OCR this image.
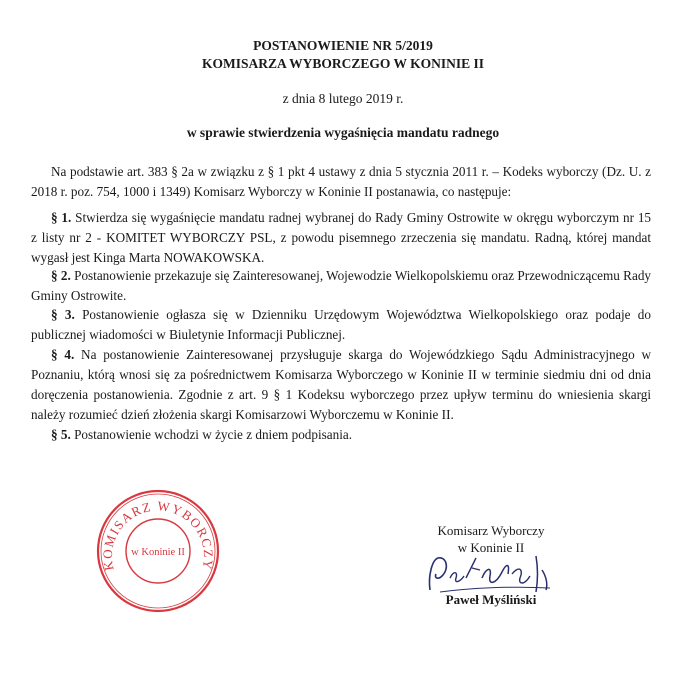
POSTANOWIENIE NR 5/2019
KOMISARZA WYBORCZEGO W KONINIE II
z dnia 8 lutego 2019 r.
w sprawie stwierdzenia wygaśnięcia mandatu radnego
Na podstawie art. 383 § 2a w związku z § 1 pkt 4 ustawy z dnia 5 stycznia 2011 r. – Kodeks wyborczy (Dz. U. z 2018 r. poz. 754, 1000 i 1349) Komisarz Wyborczy w Koninie II postanawia, co następuje:
§ 1. Stwierdza się wygaśnięcie mandatu radnej wybranej do Rady Gminy Ostrowite w okręgu wyborczym nr 15 z listy nr 2 - KOMITET WYBORCZY PSL, z powodu pisemnego zrzeczenia się mandatu. Radną, której mandat wygasł jest Kinga Marta NOWAKOWSKA.
§ 2. Postanowienie przekazuje się Zainteresowanej, Wojewodzie Wielkopolskiemu oraz Przewodniczącemu Rady Gminy Ostrowite.
§ 3. Postanowienie ogłasza się w Dzienniku Urzędowym Województwa Wielkopolskiego oraz podaje do publicznej wiadomości w Biuletynie Informacji Publicznej.
§ 4. Na postanowienie Zainteresowanej przysługuje skarga do Wojewódzkiego Sądu Administracyjnego w Poznaniu, którą wnosi się za pośrednictwem Komisarza Wyborczego w Koninie II w terminie siedmiu dni od dnia doręczenia postanowienia. Zgodnie z art. 9 § 1 Kodeksu wyborczego przez upływ terminu do wniesienia skargi należy rozumieć dzień złożenia skargi Komisarzowi Wyborczemu w Koninie II.
§ 5. Postanowienie wchodzi w życie z dniem podpisania.
KOMISARZ WYBORCZY
w Koninie II
Komisarz Wyborczy
w Koninie II
Paweł Myśliński
